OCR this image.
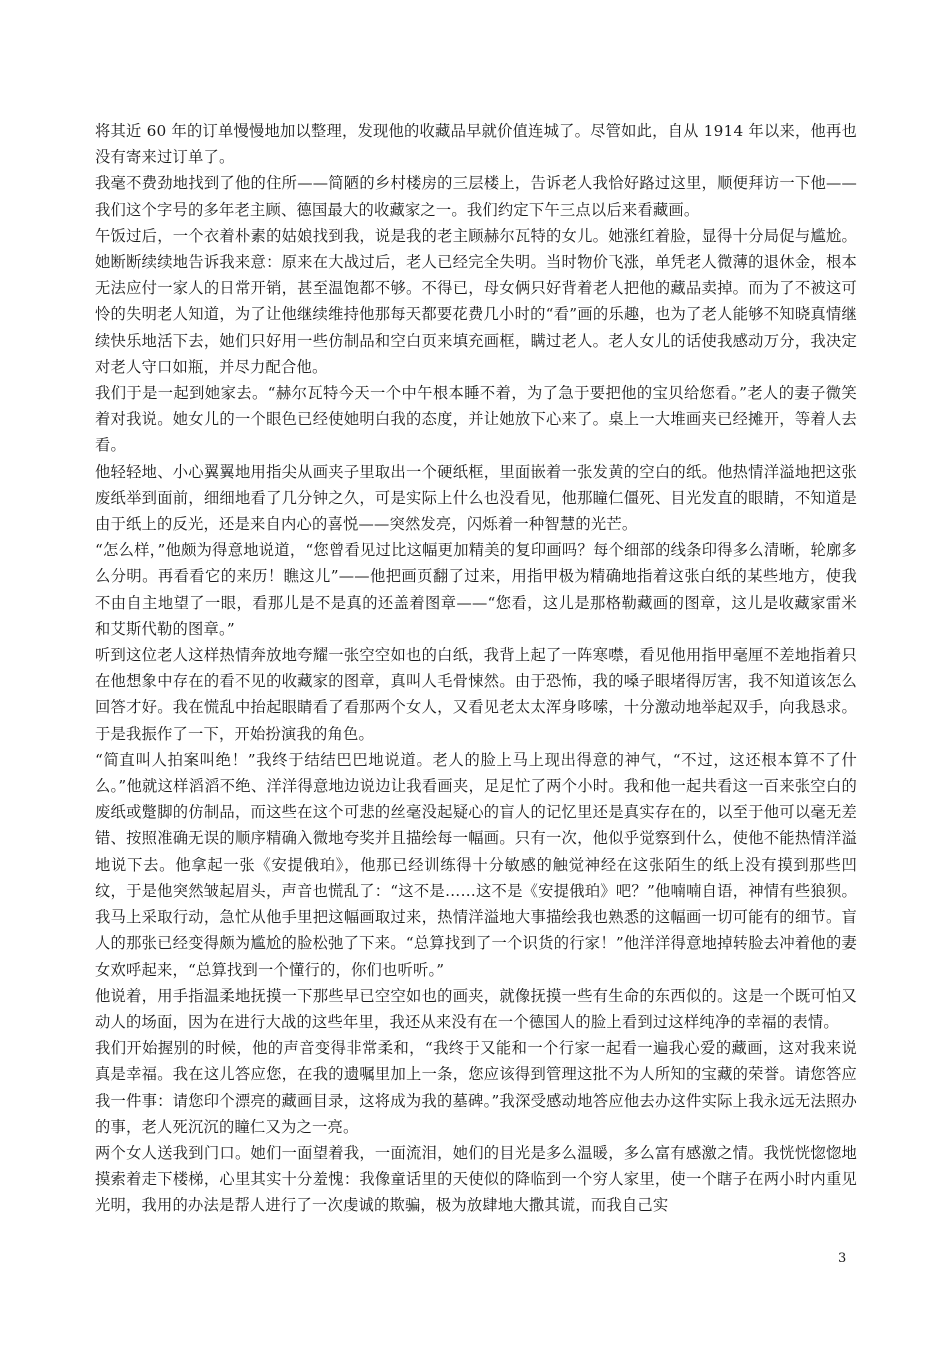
将其近 60 年的订单慢慢地加以整理，发现他的收藏品早就价值连城了。尽管如此，自从 1914 年以来，他再也没有寄来过订单了。

我毫不费劲地找到了他的住所——简陋的乡村楼房的三层楼上，告诉老人我恰好路过这里，顺便拜访一下他——我们这个字号的多年老主顾、德国最大的收藏家之一。我们约定下午三点以后来看藏画。

午饭过后，一个衣着朴素的姑娘找到我，说是我的老主顾赫尔瓦特的女儿。她涨红着脸，显得十分局促与尴尬。她断断续续地告诉我来意：原来在大战过后，老人已经完全失明。当时物价飞涨，单凭老人微薄的退休金，根本无法应付一家人的日常开销，甚至温饱都不够。不得已，母女俩只好背着老人把他的藏品卖掉。而为了不被这可怜的失明老人知道，为了让他继续维持他那每天都要花费几小时的“看”画的乐趣，也为了老人能够不知晓真情继续快乐地活下去，她们只好用一些仿制品和空白页来填充画框，瞒过老人。老人女儿的话使我感动万分，我决定对老人守口如瓶，并尽力配合他。

我们于是一起到她家去。“赫尔瓦特今天一个中午根本睡不着，为了急于要把他的宝贝给您看。”老人的妻子微笑着对我说。她女儿的一个眼色已经使她明白我的态度，并让她放下心来了。桌上一大堆画夹已经摊开，等着人去看。

他轻轻地、小心翼翼地用指尖从画夹子里取出一个硬纸框，里面嵌着一张发黄的空白的纸。他热情洋溢地把这张废纸举到面前，细细地看了几分钟之久，可是实际上什么也没看见，他那瞳仁僵死、目光发直的眼睛，不知道是由于纸上的反光，还是来自内心的喜悦——突然发亮，闪烁着一种智慧的光芒。

“怎么样，”他颇为得意地说道，“您曾看见过比这幅更加精美的复印画吗？每个细部的线条印得多么清晰，轮廓多么分明。再看看它的来历！瞧这儿”——他把画页翻了过来，用指甲极为精确地指着这张白纸的某些地方，使我不由自主地望了一眼，看那儿是不是真的还盖着图章——“您看，这儿是那格勒藏画的图章，这儿是收藏家雷米和艾斯代勒的图章。”

听到这位老人这样热情奔放地夸耀一张空空如也的白纸，我背上起了一阵寒噤，看见他用指甲毫厘不差地指着只在他想象中存在的看不见的收藏家的图章，真叫人毛骨悚然。由于恐怖，我的嗓子眼堵得厉害，我不知道该怎么回答才好。我在慌乱中抬起眼睛看了看那两个女人，又看见老太太浑身哆嗦，十分激动地举起双手，向我恳求。于是我振作了一下，开始扮演我的角色。

“简直叫人拍案叫绝！”我终于结结巴巴地说道。老人的脸上马上现出得意的神气，“不过，这还根本算不了什么。”他就这样滔滔不绝、洋洋得意地边说边让我看画夹，足足忙了两个小时。我和他一起共看这一百来张空白的废纸或蹩脚的仿制品，而这些在这个可悲的丝毫没起疑心的盲人的记忆里还是真实存在的，以至于他可以毫无差错、按照准确无误的顺序精确入微地夸奖并且描绘每一幅画。只有一次，他似乎觉察到什么，使他不能热情洋溢地说下去。他拿起一张《安提俄珀》，他那已经训练得十分敏感的触觉神经在这张陌生的纸上没有摸到那些凹纹，于是他突然皱起眉头，声音也慌乱了：“这不是……这不是《安提俄珀》吧？”他喃喃自语，神情有些狼狈。我马上采取行动，急忙从他手里把这幅画取过来，热情洋溢地大事描绘我也熟悉的这幅画一切可能有的细节。盲人的那张已经变得颇为尴尬的脸松弛了下来。“总算找到了一个识货的行家！”他洋洋得意地掉转脸去冲着他的妻女欢呼起来，“总算找到一个懂行的，你们也听听。”

他说着，用手指温柔地抚摸一下那些早已空空如也的画夹，就像抚摸一些有生命的东西似的。这是一个既可怕又动人的场面，因为在进行大战的这些年里，我还从来没有在一个德国人的脸上看到过这样纯净的幸福的表情。

我们开始握别的时候，他的声音变得非常柔和，“我终于又能和一个行家一起看一遍我心爱的藏画，这对我来说真是幸福。我在这儿答应您，在我的遗嘱里加上一条，您应该得到管理这批不为人所知的宝藏的荣誉。请您答应我一件事：请您印个漂亮的藏画目录，这将成为我的墓碑。”我深受感动地答应他去办这件实际上我永远无法照办的事，老人死沉沉的瞳仁又为之一亮。

两个女人送我到门口。她们一面望着我，一面流泪，她们的目光是多么温暖，多么富有感激之情。我恍恍惚惚地摸索着走下楼梯，心里其实十分羞愧：我像童话里的天使似的降临到一个穷人家里，使一个瞎子在两小时内重见光明，我用的办法是帮人进行了一次虔诚的欺骗，极为放肆地大撒其谎，而我自己实

3
